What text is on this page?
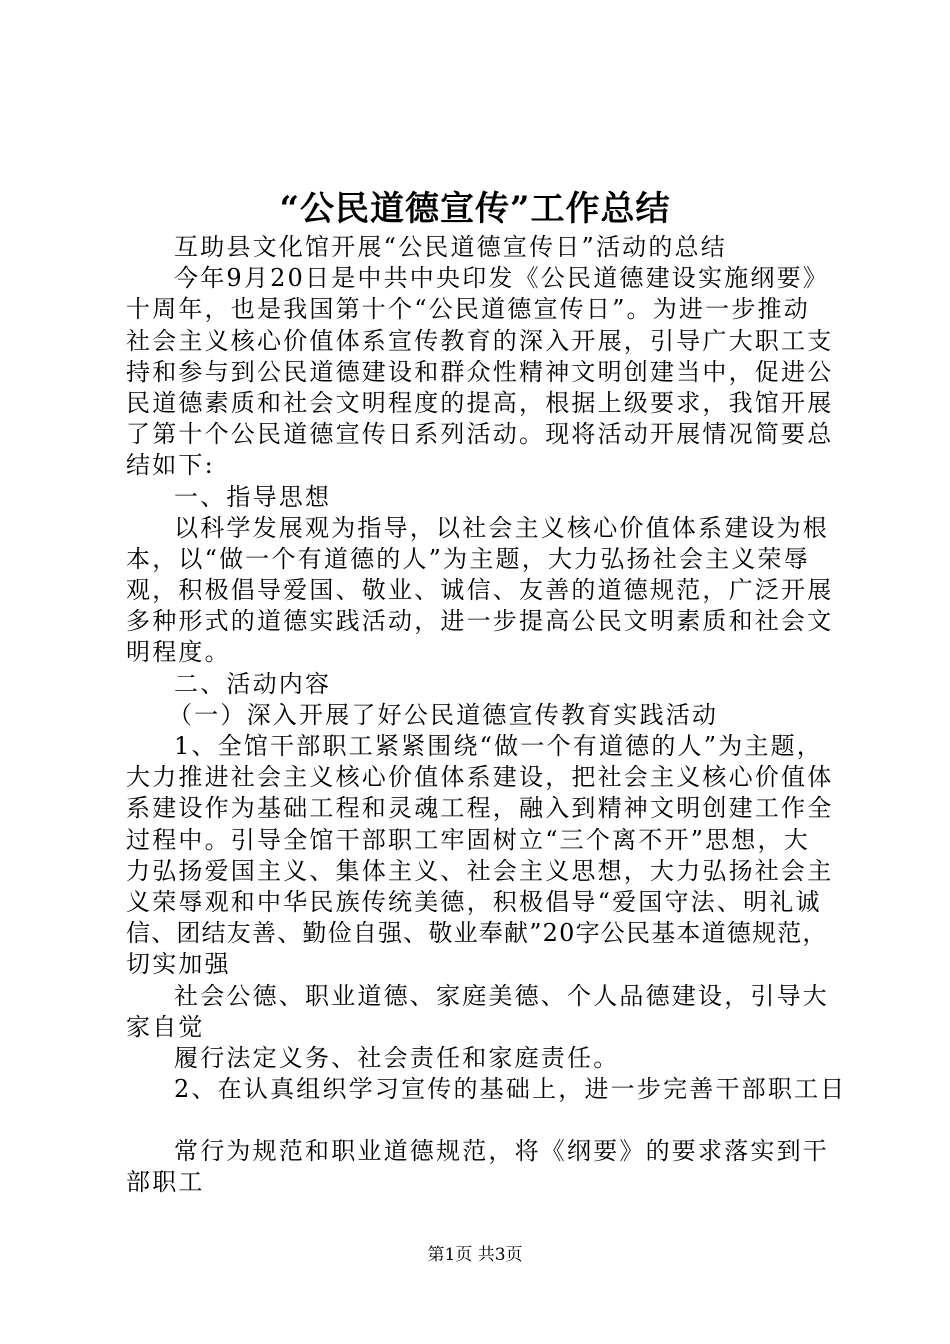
“公民道德宣传”工作总结
互助县文化馆开展“公民道德宣传日”活动的总结
今年9月20日是中共中央印发《公民道德建设实施纲要》
十周年，也是我国第十个“公民道德宣传日”。为进一步推动
社会主义核心价值体系宣传教育的深入开展，引导广大职工支
持和参与到公民道德建设和群众性精神文明创建当中，促进公
民道德素质和社会文明程度的提高，根据上级要求，我馆开展
了第十个公民道德宣传日系列活动。现将活动开展情况简要总
结如下:
一、指导思想
以科学发展观为指导，以社会主义核心价值体系建设为根
本，以“做一个有道德的人”为主题，大力弘扬社会主义荣辱
观，积极倡导爱国、敬业、诚信、友善的道德规范，广泛开展
多种形式的道德实践活动，进一步提高公民文明素质和社会文
明程度。
二、活动内容
（一）深入开展了好公民道德宣传教育实践活动
1、全馆干部职工紧紧围绕“做一个有道德的人”为主题，
大力推进社会主义核心价值体系建设，把社会主义核心价值体
系建设作为基础工程和灵魂工程，融入到精神文明创建工作全
过程中。引导全馆干部职工牢固树立“三个离不开”思想，大
力弘扬爱国主义、集体主义、社会主义思想，大力弘扬社会主
义荣辱观和中华民族传统美德，积极倡导“爱国守法、明礼诚
信、团结友善、勤俭自强、敬业奉献”20字公民基本道德规范，
切实加强
社会公德、职业道德、家庭美德、个人品德建设，引导大
家自觉
履行法定义务、社会责任和家庭责任。
2、在认真组织学习宣传的基础上，进一步完善干部职工日
常行为规范和职业道德规范，将《纲要》的要求落实到干
部职工
第1页 共3页
